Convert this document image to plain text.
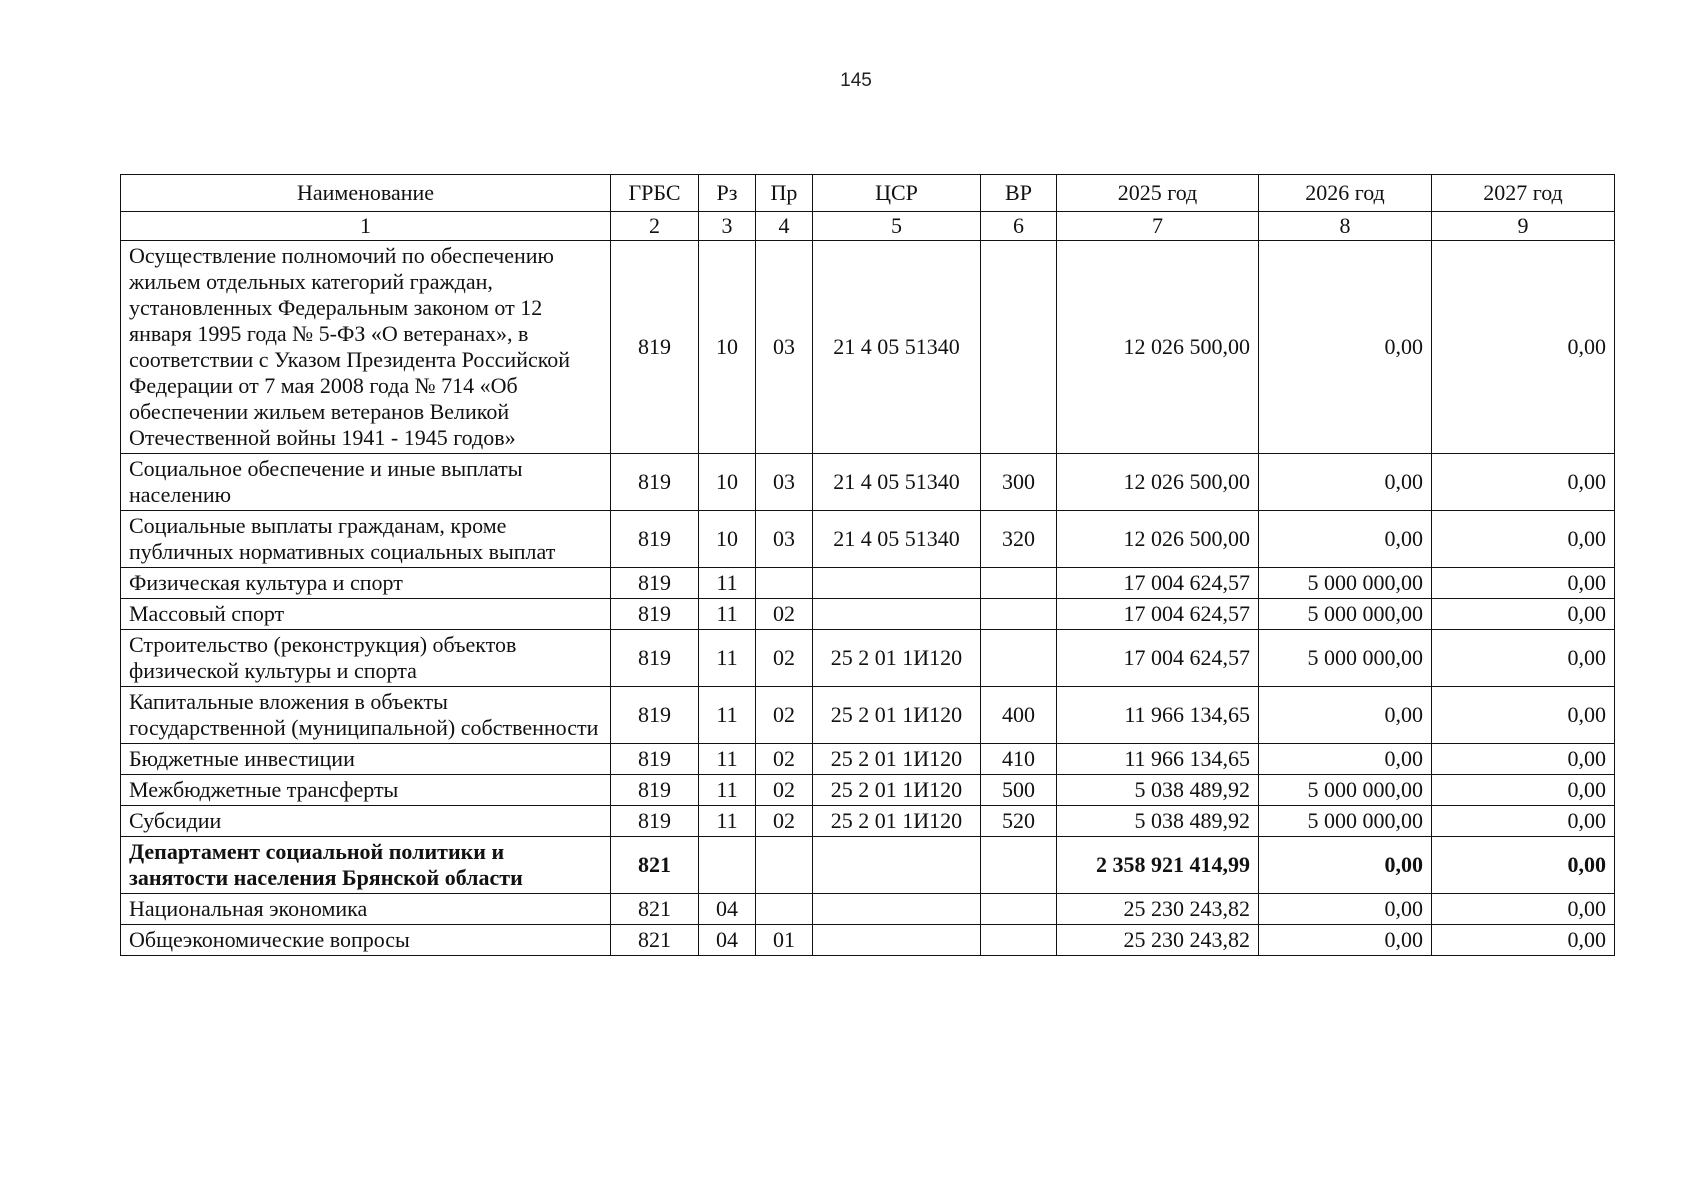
145
Наименование	ГРБС	Рз	Пр	ЦСР	ВР	2025 год	2026 год	2027 год
1	2	3	4	5	6	7	8	9
Осуществление полномочий по обеспечению жильем отдельных категорий граждан, установленных Федеральным законом от 12 января 1995 года № 5-ФЗ «О ветеранах», в соответствии с Указом Президента Российской Федерации от 7 мая 2008 года № 714 «Об обеспечении жильем ветеранов Великой Отечественной войны 1941 - 1945 годов»	819	10	03	21 4 05 51340		12 026 500,00	0,00	0,00
Социальное обеспечение и иные выплаты населению	819	10	03	21 4 05 51340	300	12 026 500,00	0,00	0,00
Социальные выплаты гражданам, кроме публичных нормативных социальных выплат	819	10	03	21 4 05 51340	320	12 026 500,00	0,00	0,00
Физическая культура и спорт	819	11				17 004 624,57	5 000 000,00	0,00
Массовый спорт	819	11	02			17 004 624,57	5 000 000,00	0,00
Строительство (реконструкция) объектов физической культуры и спорта	819	11	02	25 2 01 1И120		17 004 624,57	5 000 000,00	0,00
Капитальные вложения в объекты государственной (муниципальной) собственности	819	11	02	25 2 01 1И120	400	11 966 134,65	0,00	0,00
Бюджетные инвестиции	819	11	02	25 2 01 1И120	410	11 966 134,65	0,00	0,00
Межбюджетные трансферты	819	11	02	25 2 01 1И120	500	5 038 489,92	5 000 000,00	0,00
Субсидии	819	11	02	25 2 01 1И120	520	5 038 489,92	5 000 000,00	0,00
Департамент социальной политики и занятости населения Брянской области	821					2 358 921 414,99	0,00	0,00
Национальная экономика	821	04				25 230 243,82	0,00	0,00
Общеэкономические вопросы	821	04	01			25 230 243,82	0,00	0,00
